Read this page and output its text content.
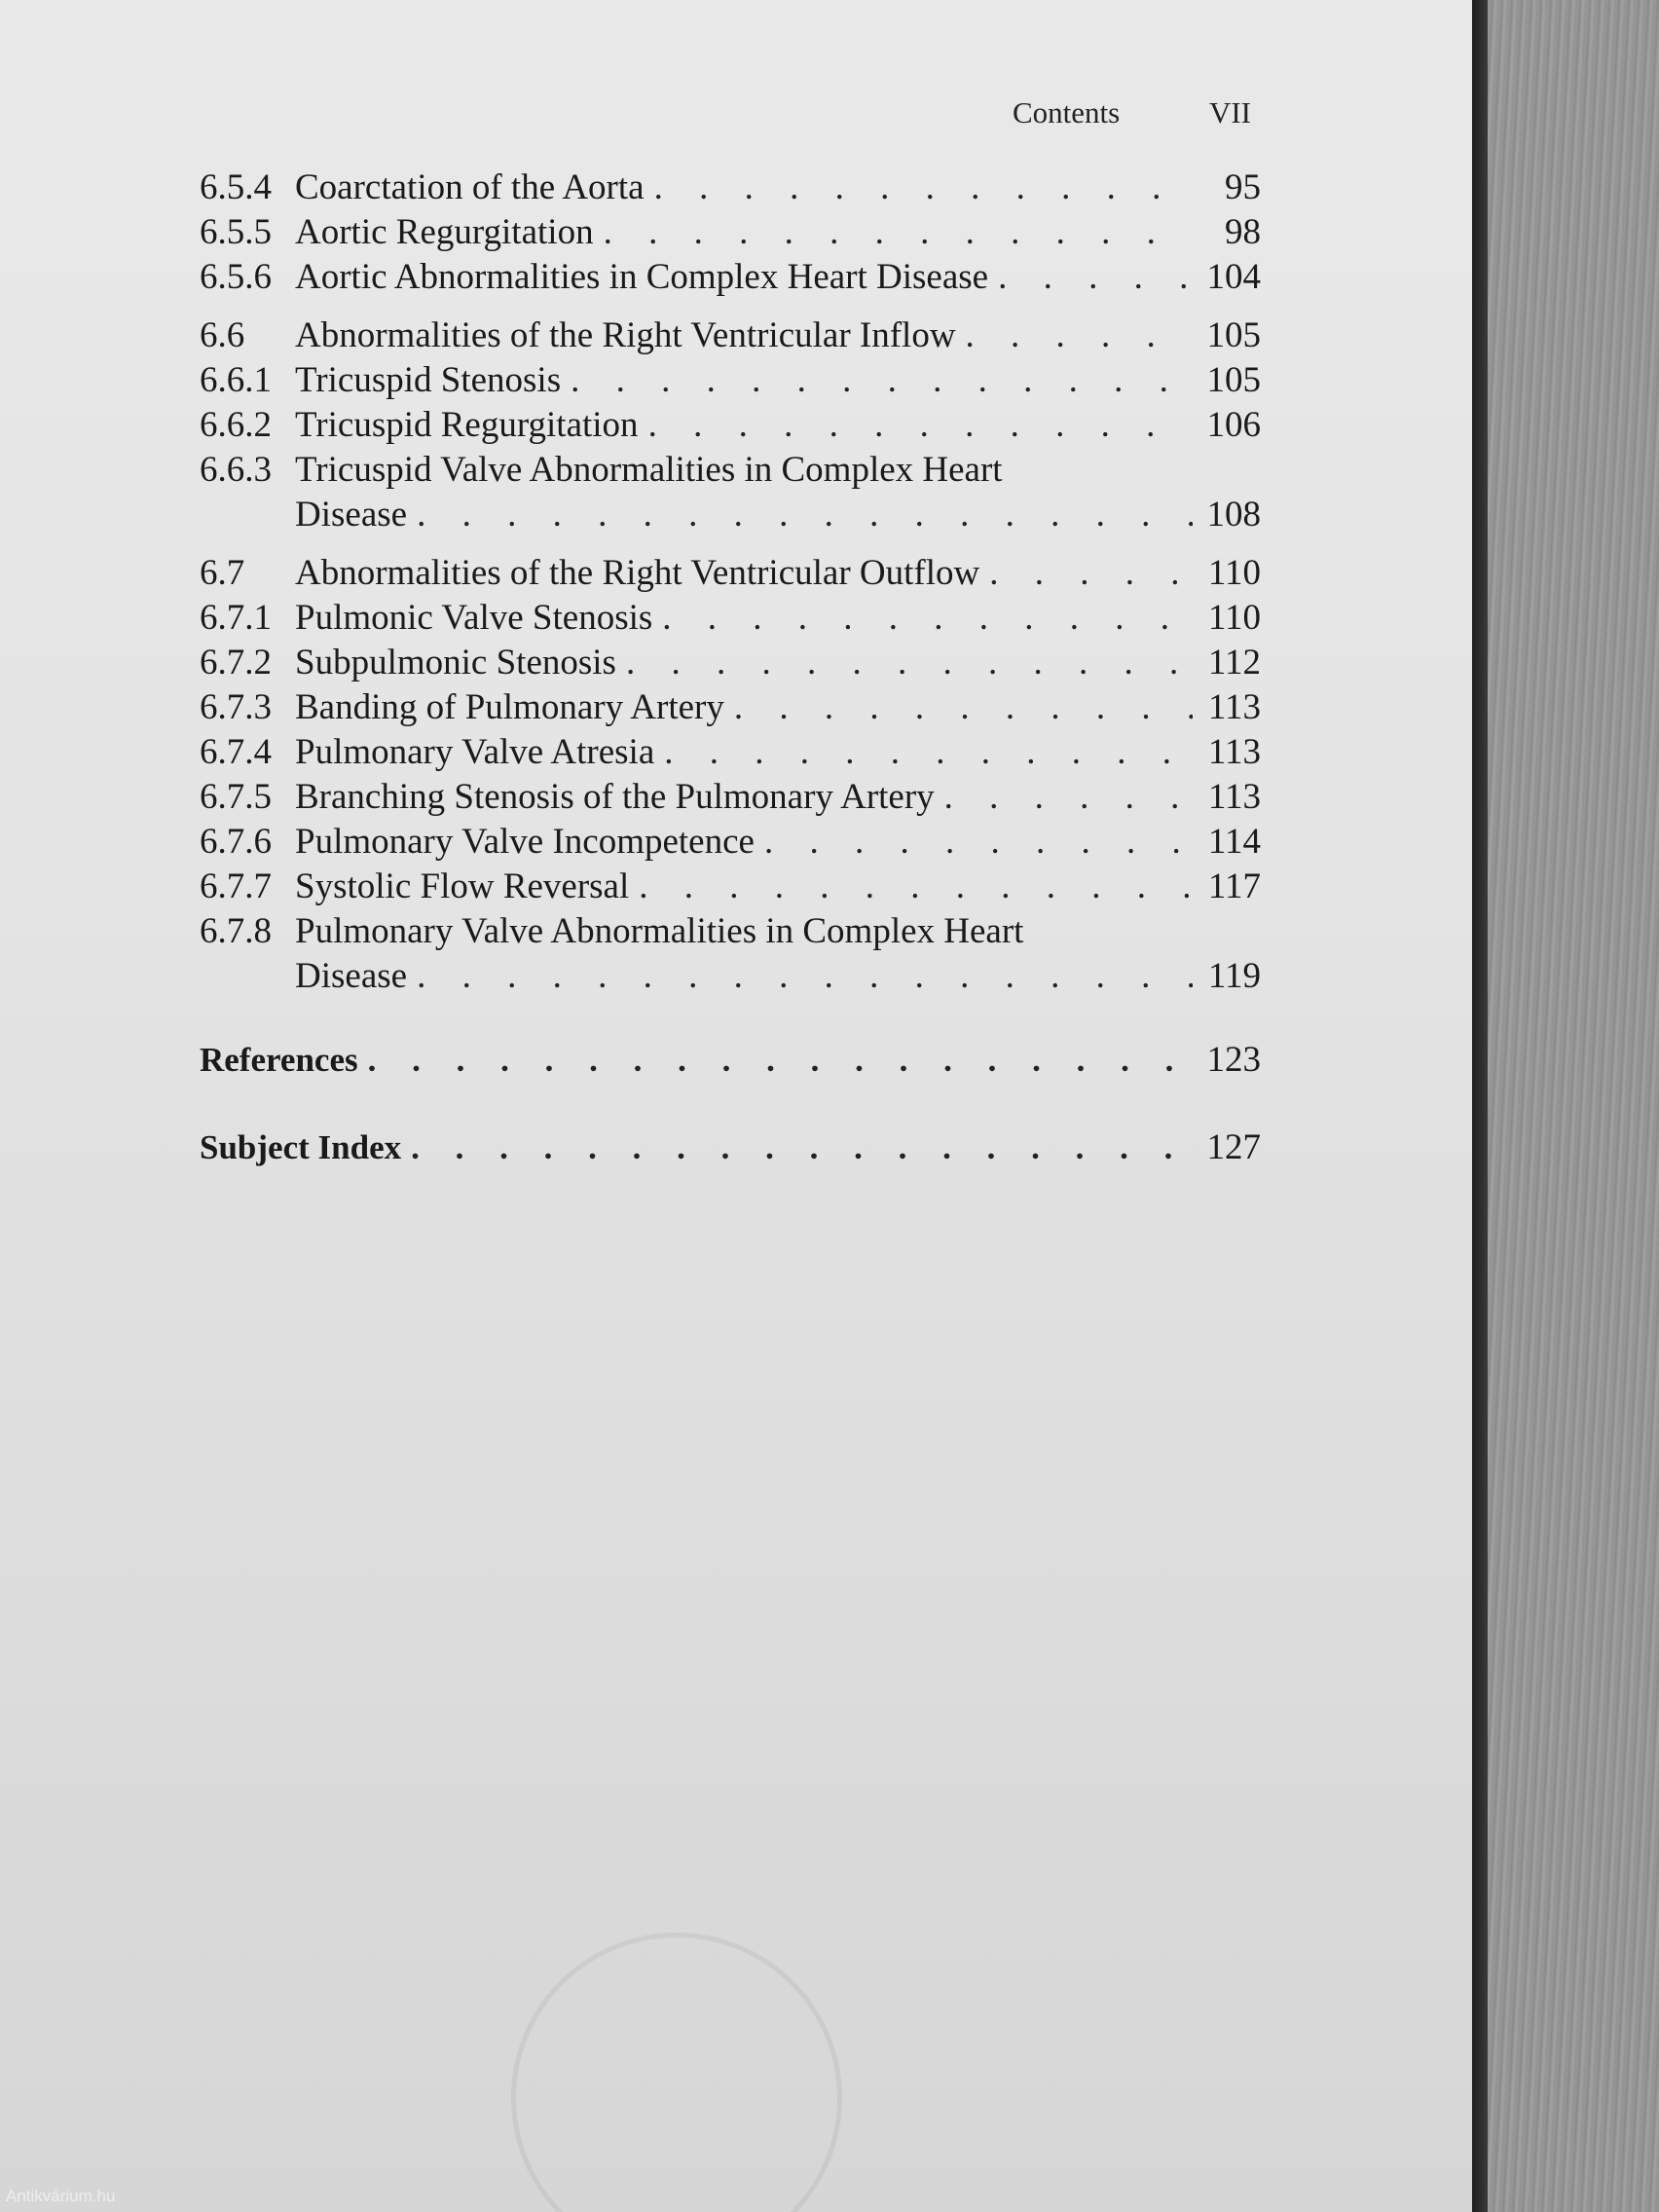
Contents	VII
6.5.4 Coarctation of the Aorta . . .	95
6.5.5 Aortic Regurgitation . . .	98
6.5.6 Aortic Abnormalities in Complex Heart Disease . . .	104
6.6 Abnormalities of the Right Ventricular Inflow . . .	105
6.6.1 Tricuspid Stenosis . . .	105
6.6.2 Tricuspid Regurgitation . . .	106
6.6.3 Tricuspid Valve Abnormalities in Complex Heart
Disease . . .	108
6.7 Abnormalities of the Right Ventricular Outflow . . .	110
6.7.1 Pulmonic Valve Stenosis . . .	110
6.7.2 Subpulmonic Stenosis . . .	112
6.7.3 Banding of Pulmonary Artery . . .	113
6.7.4 Pulmonary Valve Atresia . . .	113
6.7.5 Branching Stenosis of the Pulmonary Artery . . .	113
6.7.6 Pulmonary Valve Incompetence . . .	114
6.7.7 Systolic Flow Reversal . . .	117
6.7.8 Pulmonary Valve Abnormalities in Complex Heart
Disease . . .	119
References . . .	123
Subject Index . . .	127
Antikvárium.hu
